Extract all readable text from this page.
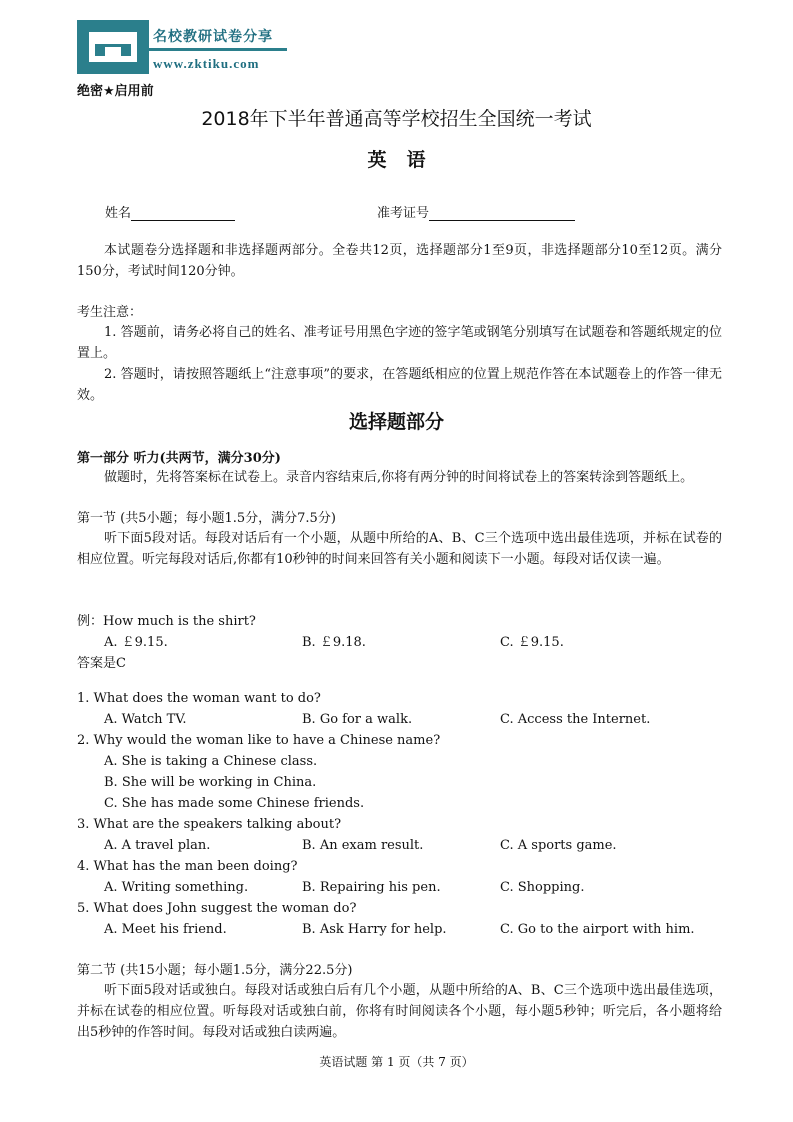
名校教研试卷分享
www.zktiku.com
绝密★启用前
2018年下半年普通高等学校招生全国统一考试
英语
姓名	准考证号
本试题卷分选择题和非选择题两部分。全卷共12页，选择题部分1至9页，非选择题部分10至12页。满分150分，考试时间120分钟。
考生注意：
1. 答题前，请务必将自己的姓名、准考证号用黑色字迹的签字笔或钢笔分别填写在试题卷和答题纸规定的位置上。
2. 答题时，请按照答题纸上“注意事项”的要求，在答题纸相应的位置上规范作答在本试题卷上的作答一律无效。
选择题部分
第一部分 听力(共两节，满分30分)
做题时，先将答案标在试卷上。录音内容结束后,你将有两分钟的时间将试卷上的答案转涂到答题纸上。
第一节 (共5小题；每小题1.5分，满分7.5分)
听下面5段对话。每段对话后有一个小题，从题中所给的A、B、C三个选项中选出最佳选项，并标在试卷的相应位置。听完每段对话后,你都有10秒钟的时间来回答有关小题和阅读下一小题。每段对话仅读一遍。
例：How much is the shirt?
A. ￡9.15.	B. ￡9.18.	C. ￡9.15.
答案是C
1. What does the woman want to do?
A. Watch TV.	B. Go for a walk.	C. Access the Internet.
2. Why would the woman like to have a Chinese name?
A. She is taking a Chinese class.
B. She will be working in China.
C. She has made some Chinese friends.
3. What are the speakers talking about?
A. A travel plan.	B. An exam result.	C. A sports game.
4. What has the man been doing?
A. Writing something.	B. Repairing his pen.	C. Shopping.
5. What does John suggest the woman do?
A. Meet his friend.	B. Ask Harry for help.	C. Go to the airport with him.
第二节 (共15小题；每小题1.5分，满分22.5分)
听下面5段对话或独白。每段对话或独白后有几个小题，从题中所给的A、B、C三个选项中选出最佳选项，并标在试卷的相应位置。听每段对话或独白前，你将有时间阅读各个小题，每小题5秒钟；听完后，各小题将给出5秒钟的作答时间。每段对话或独白读两遍。
英语试题 第 1 页（共 7 页）
